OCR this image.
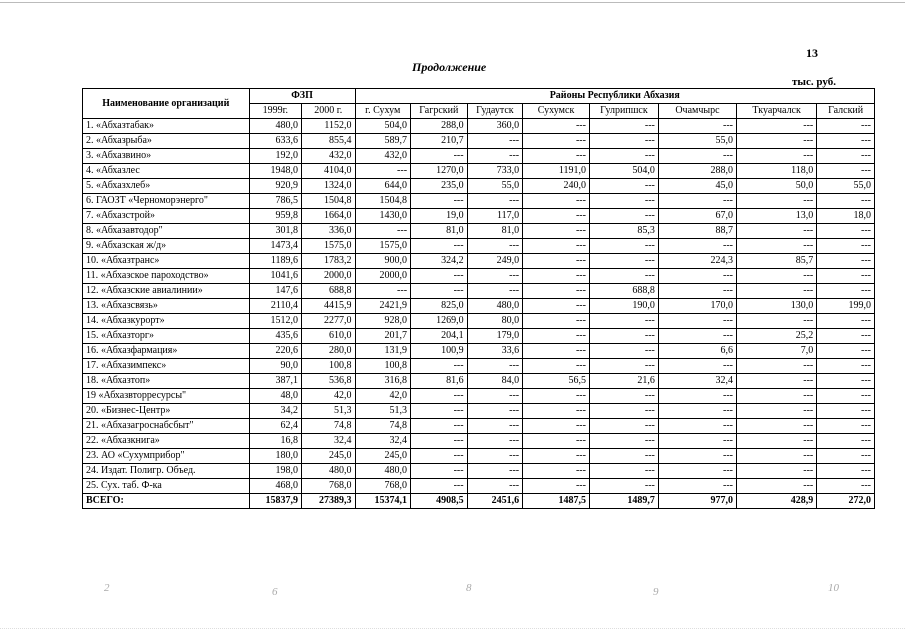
13
Продолжение
тыс. руб.
Наименование организаций	ФЗП		Районы Республики Абхазия							
	1999г.	2000 г.	г. Сухум	Гагрский	Гудаутск	Сухумск	Гулрипшск	Очамчырс	Ткуарчалск	Галский
1. «Абхазтабак»	480,0	1152,0	504,0	288,0	360,0	---	---	---	---	---
2. «Абхазрыба»	633,6	855,4	589,7	210,7	---	---	---	55,0	---	---
3. «Абхазвино»	192,0	432,0	432,0	---	---	---	---	---	---	---
4. «Абхазлес	1948,0	4104,0	---	1270,0	733,0	1191,0	504,0	288,0	118,0	---
5. «Абхазхлеб»	920,9	1324,0	644,0	235,0	55,0	240,0	---	45,0	50,0	55,0
6. ГАОЗТ «Черноморэнерго"	786,5	1504,8	1504,8	---	---	---	---	---	---	---
7. «Абхазстрой»	959,8	1664,0	1430,0	19,0	117,0	---	---	67,0	13,0	18,0
8. «Абхазавтодор"	301,8	336,0	---	81,0	81,0	---	85,3	88,7	---	---
9. «Абхазская ж/д»	1473,4	1575,0	1575,0	---	---	---	---	---	---	---
10. «Абхазтранс»	1189,6	1783,2	900,0	324,2	249,0	---	---	224,3	85,7	---
11. «Абхазское пароходство»	1041,6	2000,0	2000,0	---	---	---	---	---	---	---
12. «Абхазские авиалинии»	147,6	688,8	---	---	---	---	688,8	---	---	---
13. «Абхазсвязь»	2110,4	4415,9	2421,9	825,0	480,0	---	190,0	170,0	130,0	199,0
14. «Абхазкурорт»	1512,0	2277,0	928,0	1269,0	80,0	---	---	---	---	---
15. «Абхазторг»	435,6	610,0	201,7	204,1	179,0	---	---	---	25,2	---
16. «Абхазфармация»	220,6	280,0	131,9	100,9	33,6	---	---	6,6	7,0	---
17. «Абхазимпекс»	90,0	100,8	100,8	---	---	---	---	---	---	---
18. «Абхазтоп»	387,1	536,8	316,8	81,6	84,0	56,5	21,6	32,4	---	---
19 «Абхазвторресурсы"	48,0	42,0	42,0	---	---	---	---	---	---	---
20. «Бизнес-Центр»	34,2	51,3	51,3	---	---	---	---	---	---	---
21. «Абхазагроснабсбыт"	62,4	74,8	74,8	---	---	---	---	---	---	---
22. «Абхазкнига»	16,8	32,4	32,4	---	---	---	---	---	---	---
23. АО «Сухумприбор"	180,0	245,0	245,0	---	---	---	---	---	---	---
24. Издат. Полигр. Объед.	198,0	480,0	480,0	---	---	---	---	---	---	---
25. Сух. таб. Ф-ка	468,0	768,0	768,0	---	---	---	---	---	---	---
ВСЕГО:	15837,9	27389,3	15374,1	4908,5	2451,6	1487,5	1489,7	977,0	428,9	272,0
2	6	8	9	10
